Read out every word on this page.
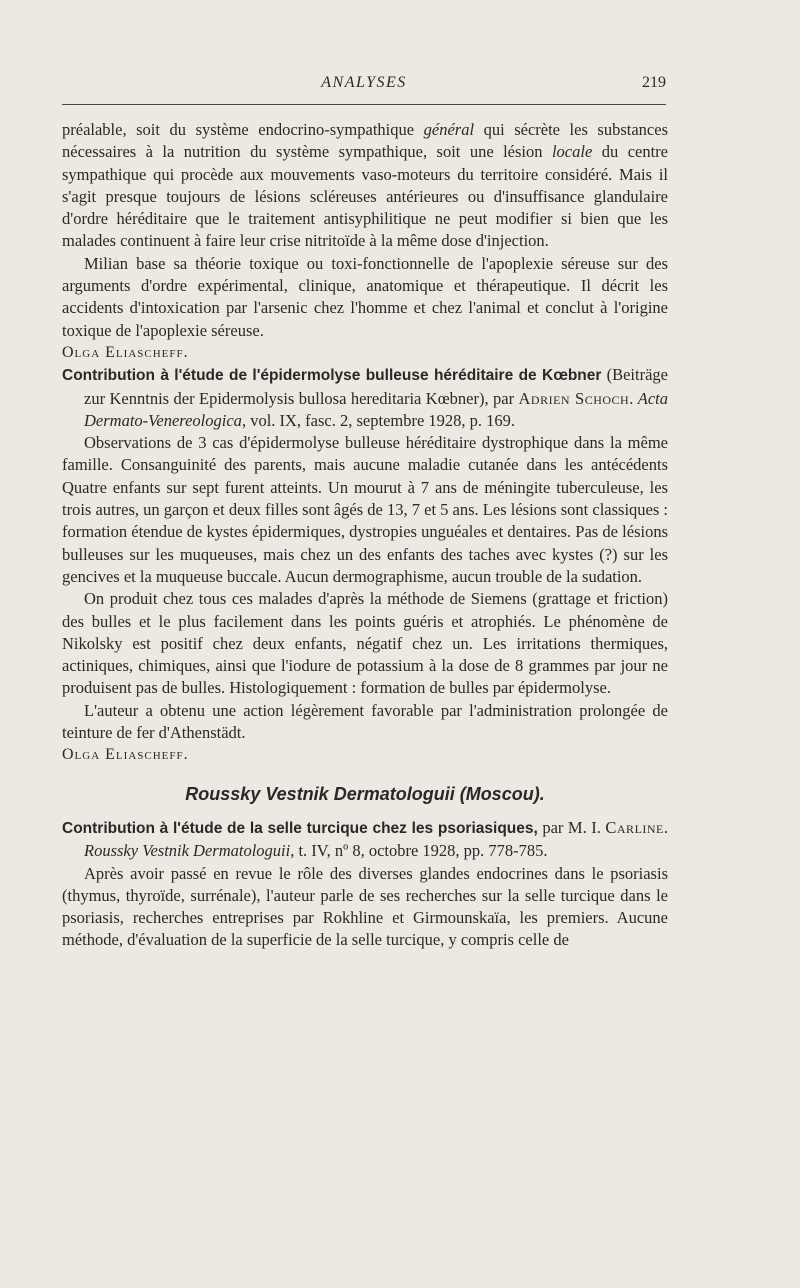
ANALYSES	219

préalable, soit du système endocrino-sympathique général qui sécrète les substances nécessaires à la nutrition du système sympathique, soit une lésion locale du centre sympathique qui procède aux mouvements vaso-moteurs du territoire considéré. Mais il s'agit presque toujours de lésions scléreuses antérieures ou d'insuffisance glandulaire d'ordre héréditaire que le traitement antisyphilitique ne peut modifier si bien que les malades continuent à faire leur crise nitritoïde à la même dose d'injection.

Milian base sa théorie toxique ou toxi-fonctionnelle de l'apoplexie séreuse sur des arguments d'ordre expérimental, clinique, anatomique et thérapeutique. Il décrit les accidents d'intoxication par l'arsenic chez l'homme et chez l'animal et conclut à l'origine toxique de l'apoplexie séreuse.

Olga Eliascheff.

Contribution à l'étude de l'épidermolyse bulleuse héréditaire de Kœbner (Beiträge zur Kenntnis der Epidermolysis bullosa hereditaria Kœbner), par Adrien Schoch. Acta Dermato-Venereologica, vol. IX, fasc. 2, septembre 1928, p. 169.

Observations de 3 cas d'épidermolyse bulleuse héréditaire dystrophique dans la même famille. Consanguinité des parents, mais aucune maladie cutanée dans les antécédents Quatre enfants sur sept furent atteints. Un mourut à 7 ans de méningite tuberculeuse, les trois autres, un garçon et deux filles sont âgés de 13, 7 et 5 ans. Les lésions sont classiques : formation étendue de kystes épidermiques, dystropies unguéales et dentaires. Pas de lésions bulleuses sur les muqueuses, mais chez un des enfants des taches avec kystes (?) sur les gencives et la muqueuse buccale. Aucun dermographisme, aucun trouble de la sudation.

On produit chez tous ces malades d'après la méthode de Siemens (grattage et friction) des bulles et le plus facilement dans les points guéris et atrophiés. Le phénomène de Nikolsky est positif chez deux enfants, négatif chez un. Les irritations thermiques, actiniques, chimiques, ainsi que l'iodure de potassium à la dose de 8 grammes par jour ne produisent pas de bulles. Histologiquement : formation de bulles par épidermolyse.

L'auteur a obtenu une action légèrement favorable par l'administration prolongée de teinture de fer d'Athenstädt.

Olga Eliascheff.

Roussky Vestnik Dermatologuii (Moscou).

Contribution à l'étude de la selle turcique chez les psoriasiques, par M. I. Carline. Roussky Vestnik Dermatologuii, t. IV, nº 8, octobre 1928, pp. 778-785.

Après avoir passé en revue le rôle des diverses glandes endocrines dans le psoriasis (thymus, thyroïde, surrénale), l'auteur parle de ses recherches sur la selle turcique dans le psoriasis, recherches entreprises par Rokhline et Girmounskaïa, les premiers. Aucune méthode, d'évaluation de la superficie de la selle turcique, y compris celle de
